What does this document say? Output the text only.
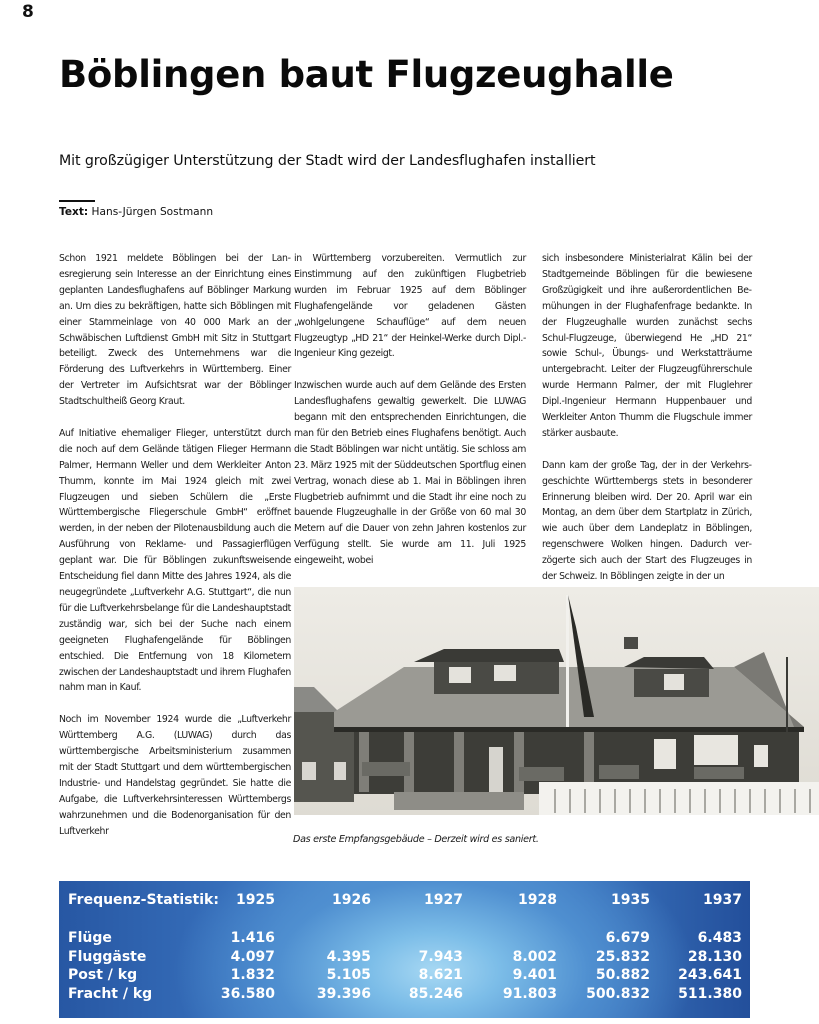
8
Böblingen baut Flugzeughalle
Mit großzügiger Unterstützung der Stadt wird der Landesflughafen installiert
Text: Hans-Jürgen Sostmann

Schon 1921 meldete Böblingen bei der Lanesregierung sein Interesse an der Einrichtung eines geplanten Landesflughafens auf Böblinger Markung an. Um dies zu bekräftigen, hatte sich Böblingen mit einer Stammeinlage von 40 000 Mark an der Schwäbischen Luftdienst GmbH mit Sitz in Stuttgart beteiligt. Zweck des Unternehmens war die Förderung des Luftverkehrs in Württemberg. Einer der Vertreter im Aufsichtsrat war der Böblinger Stadtschultheiß Georg Kraut.

Auf Initiative ehemaliger Flieger, unterstützt durch die noch auf dem Gelände tätigen Flieger Hermann Palmer, Hermann Weller und dem Werkleiter Anton Thumm, konnte im Mai 1924 gleich mit zwei Flugzeugen und sieben Schülern die „Erste Württembergische Fliegerschule GmbH“ eröffnet werden, in der neben der Pilotenausbildung auch die Ausführung von Reklame- und Passagierflügen geplant war. Die für Böblingen zukunftsweisende Entscheidung fiel dann Mitte des Jahres 1924, als die neugegründete „Luftverkehr A.G. Stuttgart“, die nun für die Luftverkehrsbelange für die Landeshauptstadt zuständig war, sich bei der Suche nach einem geeigneten Flughafengelände für Böblingen entschied. Die Entfernung von 18 Kilometern zwischen der Landeshauptstadt und ihrem Flughafen nahm man in Kauf.

Noch im November 1924 wurde die „Luftverkehr Württemberg A.G. (LUWAG) durch das württembergische Arbeitsministerium zusammen mit der Stadt Stuttgart und dem württembergischen Industrie- und Handelstag gegründet. Sie hatte die Aufgabe, die Luftverkehrsinteressen Württembergs wahrzunehmen und die Bodenorganisation für den Luftverkehr

in Württemberg vorzubereiten. Vermutlich zur Einstimmung auf den zukünftigen Flugbetrieb wurden im Februar 1925 auf dem Böblinger Flughafengelände vor geladenen Gästen „wohlgelungene Schauflüge“ auf dem neuen Flugzeugtyp „HD 21“ der Heinkel-Werke durch Dipl.-Ingenieur King gezeigt.

Inzwischen wurde auch auf dem Gelände des Ersten Landesflughafens gewaltig gewerkelt. Die LUWAG begann mit den entsprechenden Einrichtungen, die man für den Betrieb eines Flughafens benötigt. Auch die Stadt Böblingen war nicht untätig. Sie schloss am 23. März 1925 mit der Süddeutschen Sportflug einen Vertrag, wonach diese ab 1. Mai in Böblingen ihren Flugbetrieb aufnimmt und die Stadt ihr eine noch zu bauende Flugzeughalle in der Größe von 60 mal 30 Metern auf die Dauer von zehn Jahren kostenlos zur Verfügung stellt. Sie wurde am 11. Juli 1925 eingeweiht, wobei

sich insbesondere Ministerialrat Kälin bei der Stadtgemeinde Böblingen für die bewiesene Großzügigkeit und ihre außerordentlichen Bemühungen in der Flughafenfrage bedankte. In der Flugzeughalle wurden zunächst sechs Schul-Flugzeuge, überwiegend He „HD 21“ sowie Schul-, Übungs- und Werkstatträume untergebracht. Leiter der Flugzeugführerschule wurde Hermann Palmer, der mit Fluglehrer Dipl.-Ingenieur Hermann Huppenbauer und Werkleiter Anton Thumm die Flugschule immer stärker ausbaute.

Dann kam der große Tag, der in der Verkehrsgeschichte Württembergs stets in besonderer Erinnerung bleiben wird. Der 20. April war ein Montag, an dem über dem Startplatz in Zürich, wie auch über dem Landeplatz in Böblingen, regenschwere Wolken hingen. Dadurch verzögerte sich auch der Start des Flugzeuges in der Schweiz. In Böblingen zeigte in der un

Das erste Empfangsgebäude – Derzeit wird es saniert.
Frequenz-Statistik:	1925	1926	1927	1928	1935	1937
Flüge	1.416				6.679	6.483
Fluggäste	4.097	4.395	7.943	8.002	25.832	28.130
Post / kg	1.832	5.105	8.621	9.401	50.882	243.641
Fracht / kg	36.580	39.396	85.246	91.803	500.832	511.380
